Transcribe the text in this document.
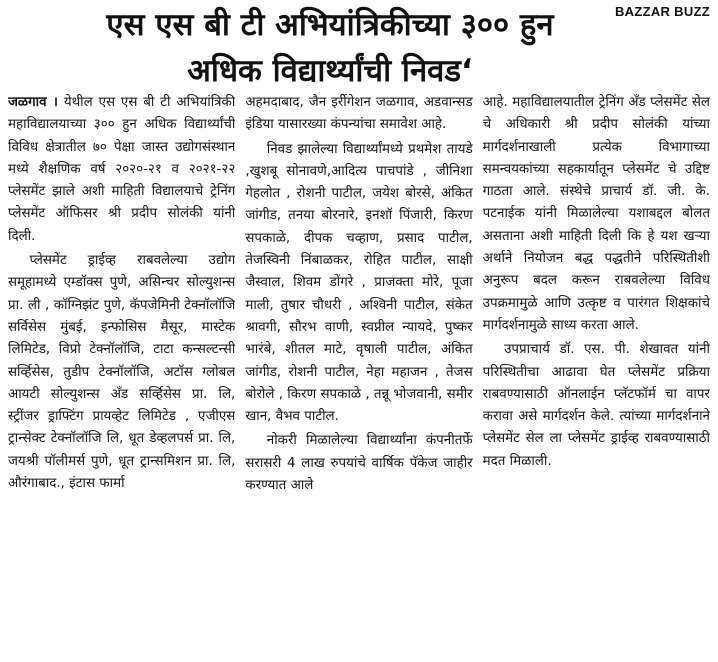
BAZZAR BUZZ
एस एस बी टी अभियांत्रिकीच्या ३०० हुन
अधिक विद्यार्थ्यांची निवड‘

जळगाव । येथील एस एस बी टी अभियांत्रिकी महाविद्यालयाच्या ३०० हुन अधिक विद्यार्थ्यांची विविध क्षेत्रातील ७० पेक्षा जास्त उद्योगसंस्थान मध्ये शैक्षणिक वर्ष २०२०-२१ व २०२१-२२ प्लेसमेंट झाले अशी माहिती विद्यालयाचे ट्रेनिंग प्लेसमेंट ऑफिसर श्री प्रदीप सोलंकी यांनी दिली.

प्लेसमेंट ड्राईव्ह राबवलेल्या उद्योग समूहामध्ये एम्डॉक्स पुणे, असिन्चर सोल्युशन्स प्रा. ली , कॉग्निझंट पुणे, कॅपजेमिनी टेक्नॉलॉजि सर्विसेस मुंबई, इन्फोसिस मैसूर, मास्टेक लिमिटेड, विप्रो टेक्नॉलॉजि, टाटा कन्सल्टन्सी सर्व्हिसेस, तुडीप टेक्नॉलॉजि, अटॉस ग्लोबल आयटी सोल्युशन्स अँड सर्व्हिसेस प्रा. लि, स्ट्रींजर ड्राफ्टिंग प्रायव्हेट लिमिटेड , एजीएस ट्रान्सेक्ट टेक्नॉलॉजि लि, धूत डेव्हलपर्स प्रा. लि, जयश्री पॉलीमर्स पुणे, धूत ट्रान्समिशन प्रा. लि, औरंगाबाद., इंटास फार्मा

अहमदाबाद, जैन इर्रीगेशन जळगाव, अडवान्सड इंडिया यासारख्या कंपन्यांचा समावेश आहे.

निवड झालेल्या विद्यार्थ्यांमध्ये प्रथमेश तायडे ,खुशबू सोनावणे,आदित्य पाचपांडे , जीनिशा गेहलोत , रोशनी पाटील, जयेश बोरसे, अंकित जांगीड, तनया बोरनारे, इनशॉ पिंजारी, किरण सपकाळे, दीपक चव्हाण, प्रसाद पाटील, तेजस्विनी निंबाळकर, रोहित पाटील, साक्षी जैस्वाल, शिवम डोंगरे , प्राजक्ता मोरे, पूजा माली, तुषार चौधरी , अश्विनी पाटील, संकेत श्रावगी, सौरभ वाणी, स्वप्नील न्यायदे, पुष्कर भारंबे, शीतल माटे, वृषाली पाटील, अंकित जांगीड, रोशनी पाटील, नेहा महाजन , तेजस बोरोले , किरण सपकाळे , तन्नू भोजवानी, समीर खान, वैभव पाटील.

नोकरी मिळालेल्या विद्यार्थ्यांना कंपनीतर्फे सरासरी 4 लाख रुपयांचे वार्षिक पॅकेज जाहीर करण्यात आले

आहे. महाविद्यालयातील ट्रेनिंग अँड प्लेसमेंट सेल चे अधिकारी श्री प्रदीप सोलंकी यांच्या मार्गदर्शनाखाली प्रत्येक विभागाच्या समन्वयकांच्या सहकार्यातून प्लेसमेंट चे उद्दिष्ट गाठता आले. संस्थेचे प्राचार्य डॉ. जी. के. पटनाईक यांनी मिळालेल्या यशाबद्दल बोलत असताना अशी माहिती दिली कि हे यश खऱ्या अर्थाने नियोजन बद्ध पद्धतीने परिस्थितीशी अनुरूप बदल करून राबवलेल्या विविध उपक्रमामुळे आणि उत्कृष्ट व पारंगत शिक्षकांचे मार्गदर्शनामुळे साध्य करता आले.

उपप्राचार्य डॉ. एस. पी. शेखावत यांनी परिस्थितीचा आढावा घेत प्लेसमेंट प्रक्रिया राबवण्यासाठी ऑनलाईन प्लॅटफॉर्म चा वापर करावा असे मार्गदर्शन केले. त्यांच्या मार्गदर्शनाने प्लेसमेंट सेल ला प्लेसमेंट ड्राईव्ह राबवण्यासाठी मदत मिळाली.
